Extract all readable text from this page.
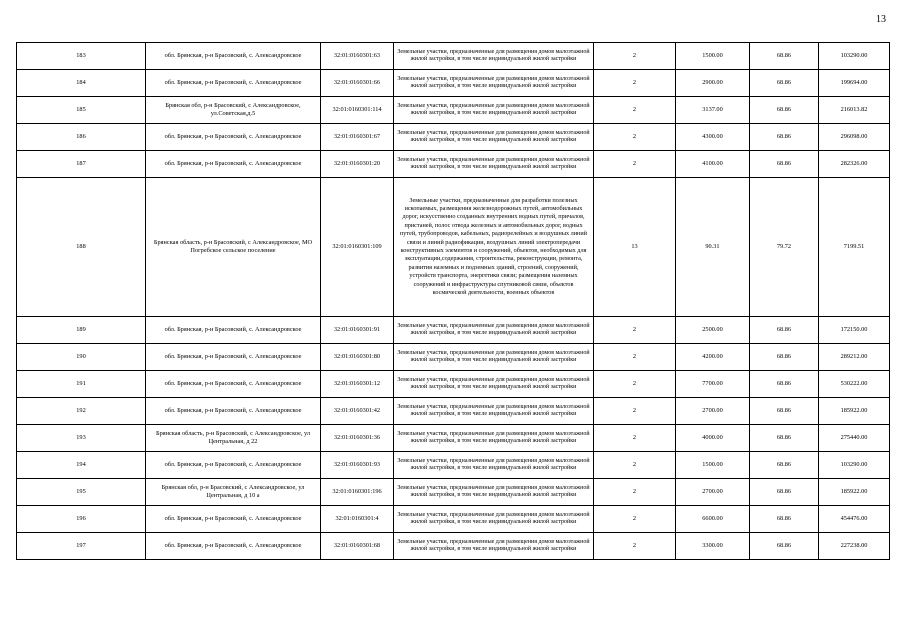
13
183	обл. Брянская, р-н Брасовский, с. Александровское	32:01:0160301:63	Земельные участки, предназначенные для размещения домов малоэтажной жилой застройки, в том числе индивидуальной жилой застройки	2	1500.00	68.86	103290.00
184	обл. Брянская, р-н Брасовский, с. Александровское	32:01:0160301:66	Земельные участки, предназначенные для размещения домов малоэтажной жилой застройки, в том числе индивидуальной жилой застройки	2	2900.00	68.86	199694.00
185	Брянская обл, р-н Брасовский, с Александровское, ул.Советская,д.5	32:01:0160301:114	Земельные участки, предназначенные для размещения домов малоэтажной жилой застройки, в том числе индивидуальной жилой застройки	2	3137.00	68.86	216013.82
186	обл. Брянская, р-н Брасовский, с. Александровское	32:01:0160301:67	Земельные участки, предназначенные для размещения домов малоэтажной жилой застройки, в том числе индивидуальной жилой застройки	2	4300.00	68.86	296098.00
187	обл. Брянская, р-н Брасовский, с. Александровское	32:01:0160301:20	Земельные участки, предназначенные для размещения домов малоэтажной жилой застройки, в том числе индивидуальной жилой застройки	2	4100.00	68.86	282326.00
188	Брянская область, р-н Брасовский, с Александровское, МО Погребское сельское поселение	32:01:0160301:109	Земельные участки, предназначенные для разработки полезных ископаемых, размещения железнодорожных путей, автомобильных дорог, искусственно созданных внутренних водных путей, причалов, пристаней, полос отвода железных и автомобильных дорог, водных путей, трубопроводов, кабельных, радиорелейных и воздушных линий связи и линий радиофикации, воздушных линий электропередачи конструктивных элементов и сооружений, объектов, необходимых для эксплуатации,содержания, строительства, реконструкции, ремонта, развития наземных и подземных зданий, строений, сооружений, устройств транспорта, энергетики связи; размещения наземных сооружений и инфраструктуры спутниковой связи, объектов космической деятельности, военных объектов	13	90.31	79.72	7199.51
189	обл. Брянская, р-н Брасовский, с. Александровское	32:01:0160301:91	Земельные участки, предназначенные для размещения домов малоэтажной жилой застройки, в том числе индивидуальной жилой застройки	2	2500.00	68.86	172150.00
190	обл. Брянская, р-н Брасовский, с. Александровское	32:01:0160301:80	Земельные участки, предназначенные для размещения домов малоэтажной жилой застройки, в том числе индивидуальной жилой застройки	2	4200.00	68.86	289212.00
191	обл. Брянская, р-н Брасовский, с. Александровское	32:01:0160301:12	Земельные участки, предназначенные для размещения домов малоэтажной жилой застройки, в том числе индивидуальной жилой застройки	2	7700.00	68.86	530222.00
192	обл. Брянская, р-н Брасовский, с. Александровское	32:01:0160301:42	Земельные участки, предназначенные для размещения домов малоэтажной жилой застройки, в том числе индивидуальной жилой застройки	2	2700.00	68.86	185922.00
193	Брянская область, р-н Брасовский, с Александровское, ул Центральная, д 22	32:01:0160301:36	Земельные участки, предназначенные для размещения домов малоэтажной жилой застройки, в том числе индивидуальной жилой застройки	2	4000.00	68.86	275440.00
194	обл. Брянская, р-н Брасовский, с. Александровское	32:01:0160301:93	Земельные участки, предназначенные для размещения домов малоэтажной жилой застройки, в том числе индивидуальной жилой застройки	2	1500.00	68.86	103290.00
195	Брянская обл, р-н Брасовский, с Александровское, ул Центральная, д 10 а	32:01:0160301:196	Земельные участки, предназначенные для размещения домов малоэтажной жилой застройки, в том числе индивидуальной жилой застройки	2	2700.00	68.86	185922.00
196	обл. Брянская, р-н Брасовский, с. Александровское	32:01:0160301:4	Земельные участки, предназначенные для размещения домов малоэтажной жилой застройки, в том числе индивидуальной жилой застройки	2	6600.00	68.86	454476.00
197	обл. Брянская, р-н Брасовский, с. Александровское	32:01:0160301:68	Земельные участки, предназначенные для размещения домов малоэтажной жилой застройки, в том числе индивидуальной жилой застройки	2	3300.00	68.86	227238.00
